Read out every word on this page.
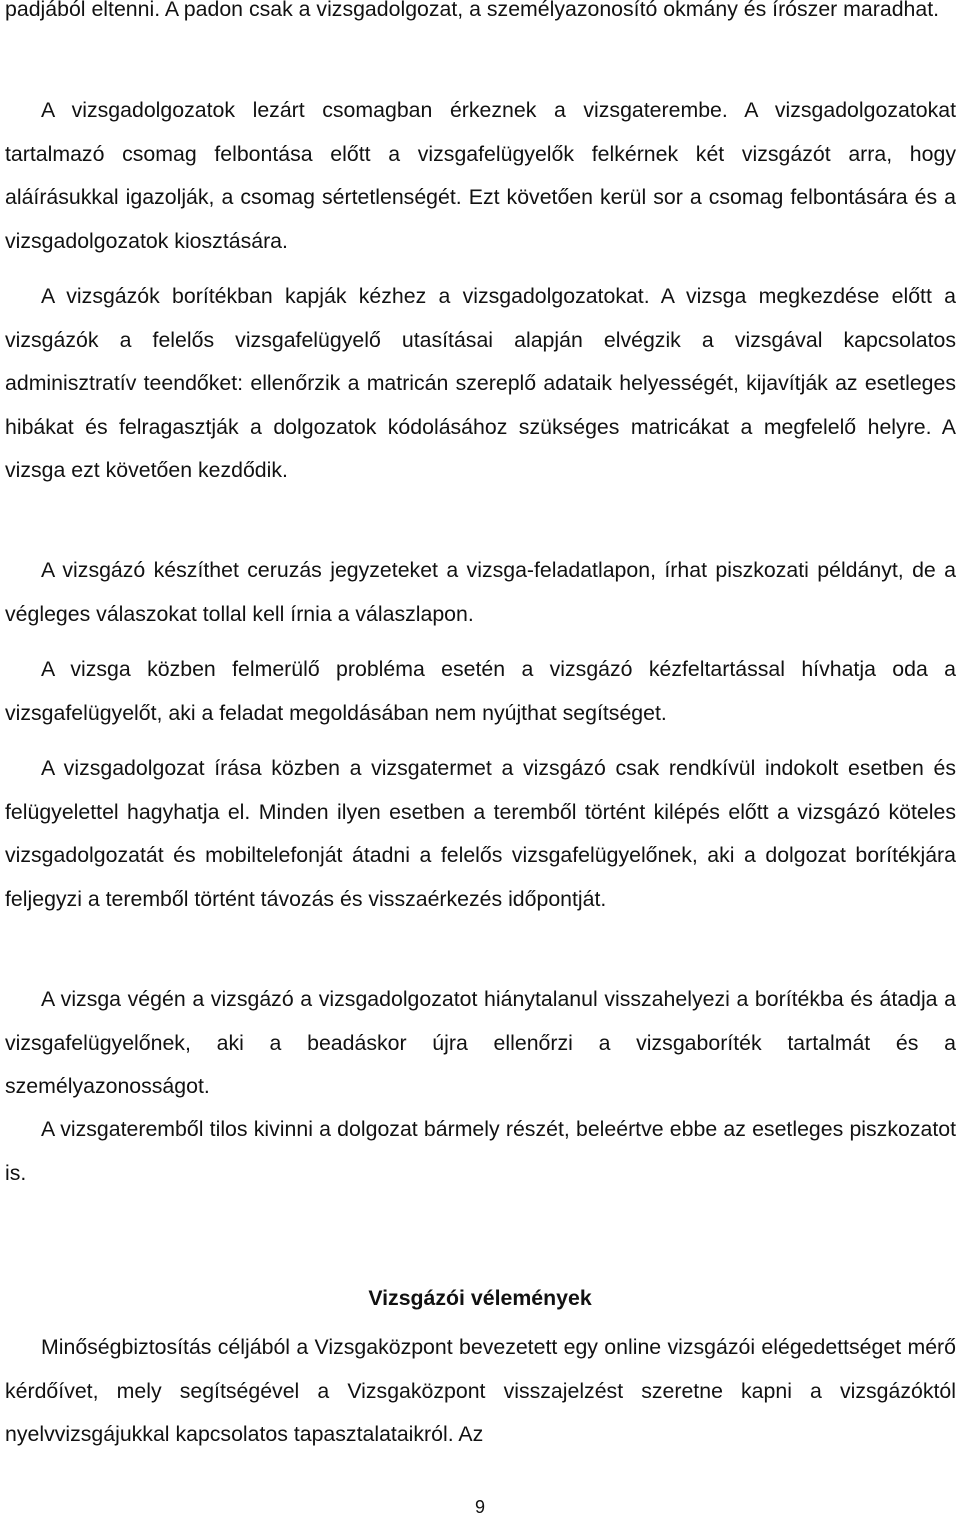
padjából eltenni. A padon csak a vizsgadolgozat, a személyazonosító okmány és írószer maradhat.

A vizsgadolgozatok lezárt csomagban érkeznek a vizsgaterembe. A vizsgadolgozatokat tartalmazó csomag felbontása előtt a vizsgafelügyelők felkérnek két vizsgázót arra, hogy aláírásukkal igazolják, a csomag sértetlenségét. Ezt követően kerül sor a csomag felbontására és a vizsgadolgozatok kiosztására.

A vizsgázók borítékban kapják kézhez a vizsgadolgozatokat. A vizsga megkezdése előtt a vizsgázók a felelős vizsgafelügyelő utasításai alapján elvégzik a vizsgával kapcsolatos adminisztratív teendőket: ellenőrzik a matricán szereplő adataik helyességét, kijavítják az esetleges hibákat és felragasztják a dolgozatok kódolásához szükséges matricákat a megfelelő helyre. A vizsga ezt követően kezdődik.

A vizsgázó készíthet ceruzás jegyzeteket a vizsga-feladatlapon, írhat piszkozati példányt, de a végleges válaszokat tollal kell írnia a válaszlapon.

A vizsga közben felmerülő probléma esetén a vizsgázó kézfeltartással hívhatja oda a vizsgafelügyelőt, aki a feladat megoldásában nem nyújthat segítséget.

A vizsgadolgozat írása közben a vizsgatermet a vizsgázó csak rendkívül indokolt esetben és felügyelettel hagyhatja el. Minden ilyen esetben a teremből történt kilépés előtt a vizsgázó köteles vizsgadolgozatát és mobiltelefonját átadni a felelős vizsgafelügyelőnek, aki a dolgozat borítékjára feljegyzi a teremből történt távozás és visszaérkezés időpontját.

A vizsga végén a vizsgázó a vizsgadolgozatot hiánytalanul visszahelyezi a borítékba és átadja a vizsgafelügyelőnek, aki a beadáskor újra ellenőrzi a vizsgaboríték tartalmát és a személyazonosságot.

A vizsgateremből tilos kivinni a dolgozat bármely részét, beleértve ebbe az esetleges piszkozatot is.

Vizsgázói vélemények

Minőségbiztosítás céljából a Vizsgaközpont bevezetett egy online vizsgázói elégedettséget mérő kérdőívet, mely segítségével a Vizsgaközpont visszajelzést szeretne kapni a vizsgázóktól nyelvvizsgájukkal kapcsolatos tapasztalataikról. Az

9
